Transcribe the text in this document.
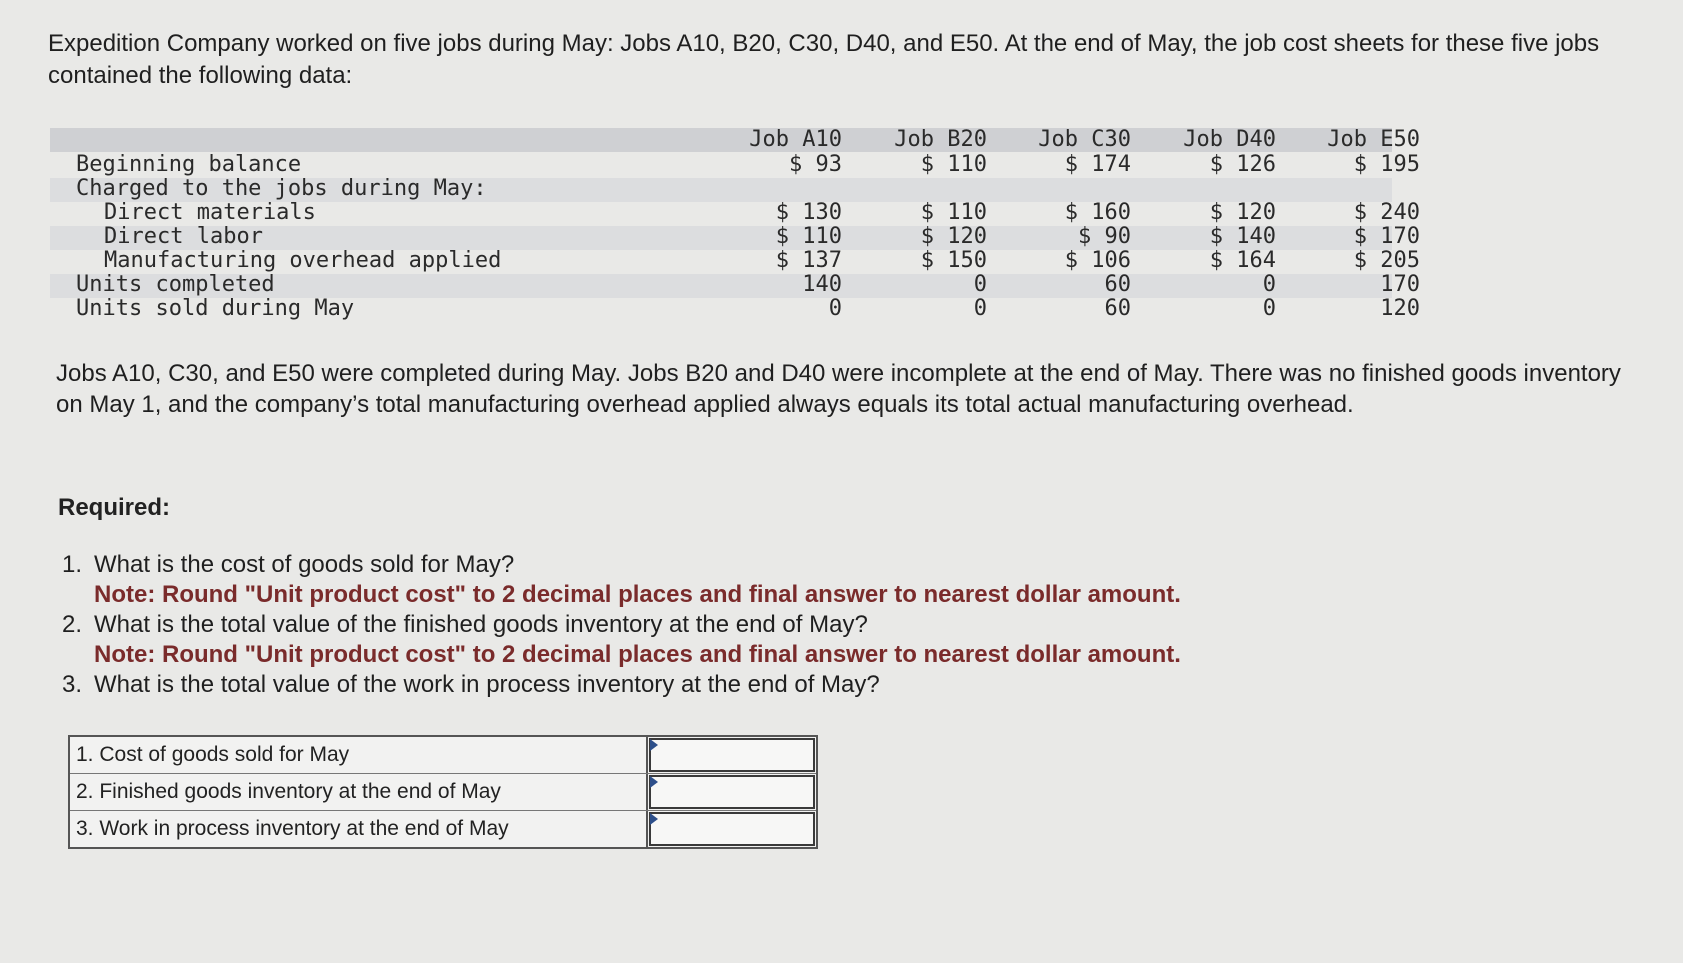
Expedition Company worked on five jobs during May: Jobs A10, B20, C30, D40, and E50. At the end of May, the job cost sheets for these five jobs contained the following data:
Job A10	Job B20	Job C30	Job D40	Job E50
Beginning balance	$ 93	$ 110	$ 174	$ 126	$ 195
Charged to the jobs during May:
Direct materials	$ 130	$ 110	$ 160	$ 120	$ 240
Direct labor	$ 110	$ 120	$ 90	$ 140	$ 170
Manufacturing overhead applied	$ 137	$ 150	$ 106	$ 164	$ 205
Units completed	140	0	60	0	170
Units sold during May	0	0	60	0	120
Jobs A10, C30, and E50 were completed during May. Jobs B20 and D40 were incomplete at the end of May. There was no finished goods inventory on May 1, and the company’s total manufacturing overhead applied always equals its total actual manufacturing overhead.
Required:

1. What is the cost of goods sold for May?

Note: Round "Unit product cost" to 2 decimal places and final answer to nearest dollar amount.

2. What is the total value of the finished goods inventory at the end of May?

Note: Round "Unit product cost" to 2 decimal places and final answer to nearest dollar amount.

3. What is the total value of the work in process inventory at the end of May?

1. Cost of goods sold for May
2. Finished goods inventory at the end of May
3. Work in process inventory at the end of May
